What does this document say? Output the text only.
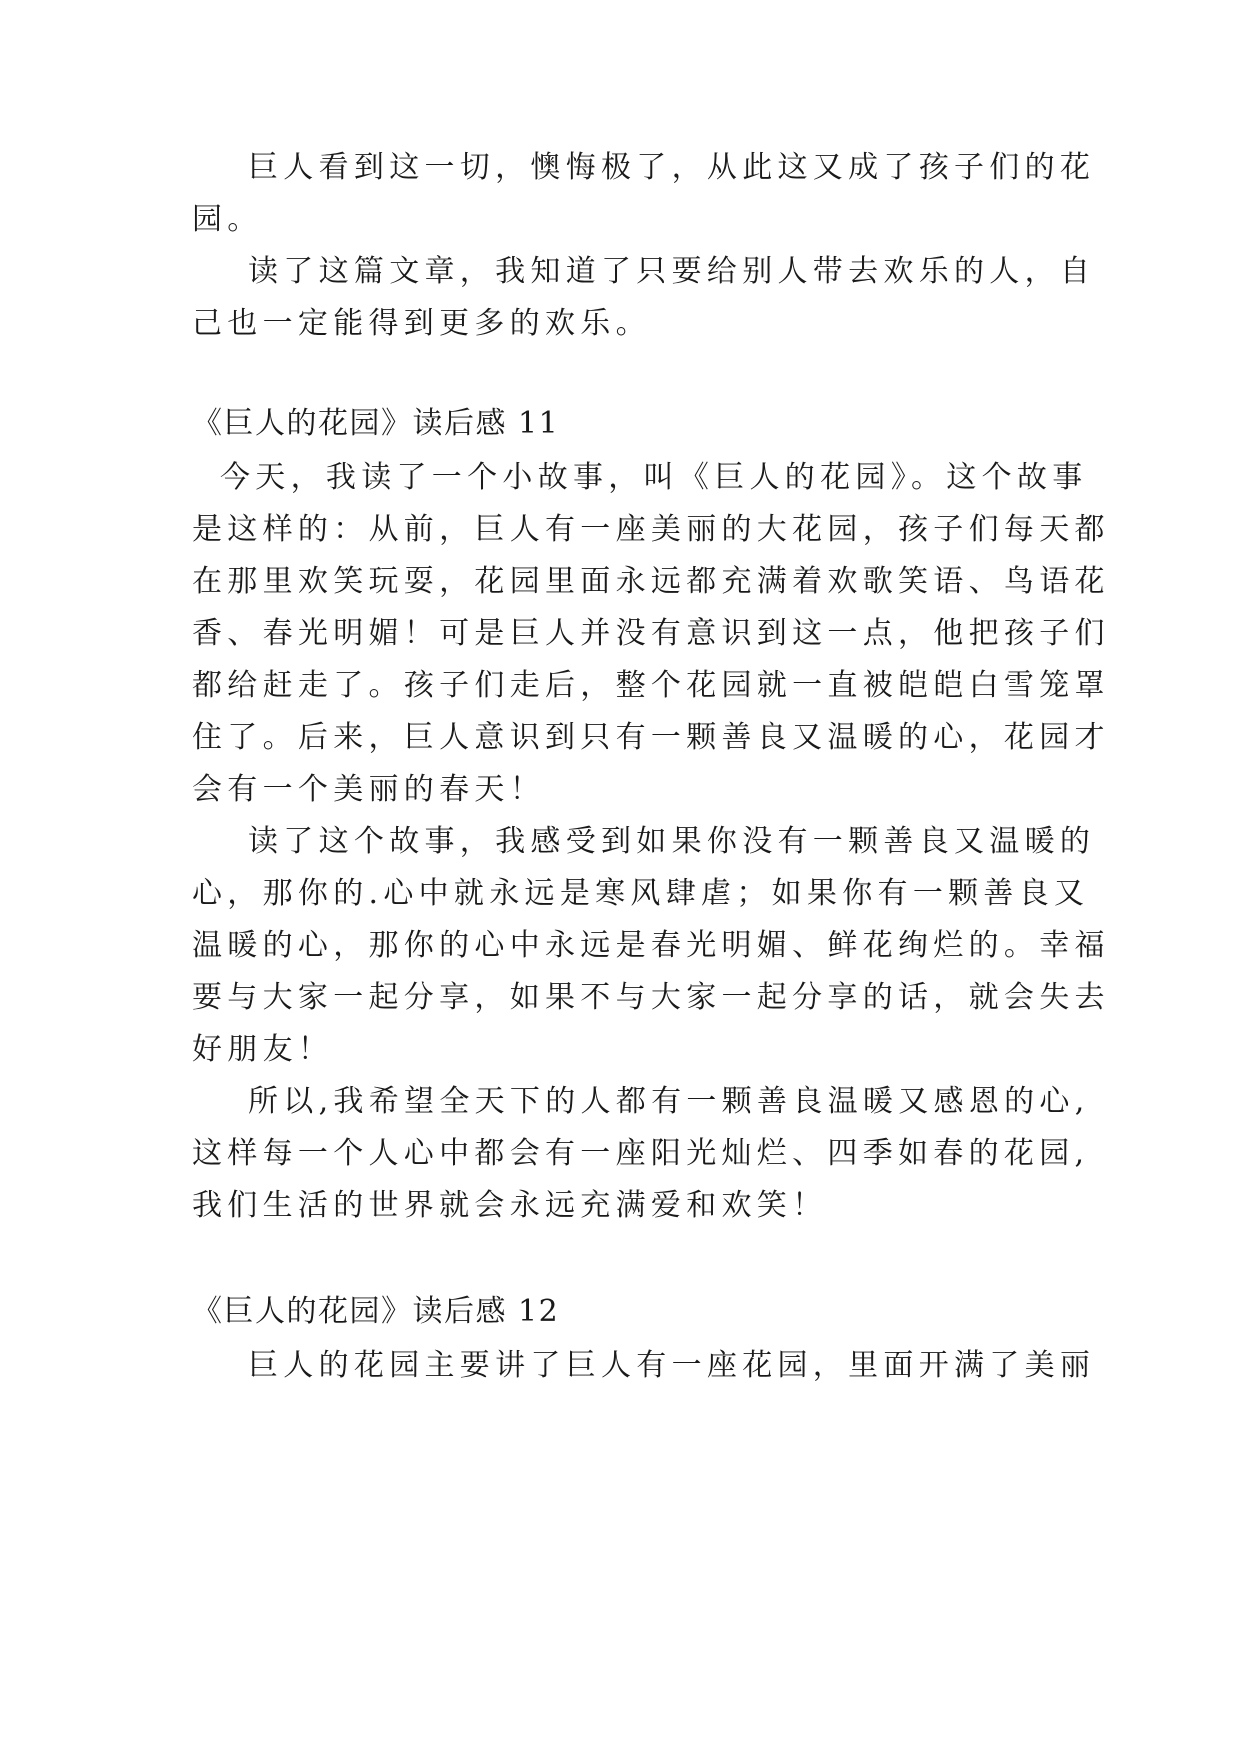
巨人看到这一切，懊悔极了，从此这又成了孩子们的花
园。
读了这篇文章，我知道了只要给别人带去欢乐的人，自
己也一定能得到更多的欢乐。
《巨人的花园》读后感 11
今天，我读了一个小故事，叫《巨人的花园》。这个故事
是这样的：从前，巨人有一座美丽的大花园，孩子们每天都
在那里欢笑玩耍，花园里面永远都充满着欢歌笑语、鸟语花
香、春光明媚！可是巨人并没有意识到这一点，他把孩子们
都给赶走了。孩子们走后，整个花园就一直被皑皑白雪笼罩
住了。后来，巨人意识到只有一颗善良又温暖的心，花园才
会有一个美丽的春天！
读了这个故事，我感受到如果你没有一颗善良又温暖的
心，那你的.心中就永远是寒风肆虐；如果你有一颗善良又
温暖的心，那你的心中永远是春光明媚、鲜花绚烂的。幸福
要与大家一起分享，如果不与大家一起分享的话，就会失去
好朋友！
所以,我希望全天下的人都有一颗善良温暖又感恩的心,
这样每一个人心中都会有一座阳光灿烂、四季如春的花园,
我们生活的世界就会永远充满爱和欢笑！
《巨人的花园》读后感 12
巨人的花园主要讲了巨人有一座花园，里面开满了美丽
